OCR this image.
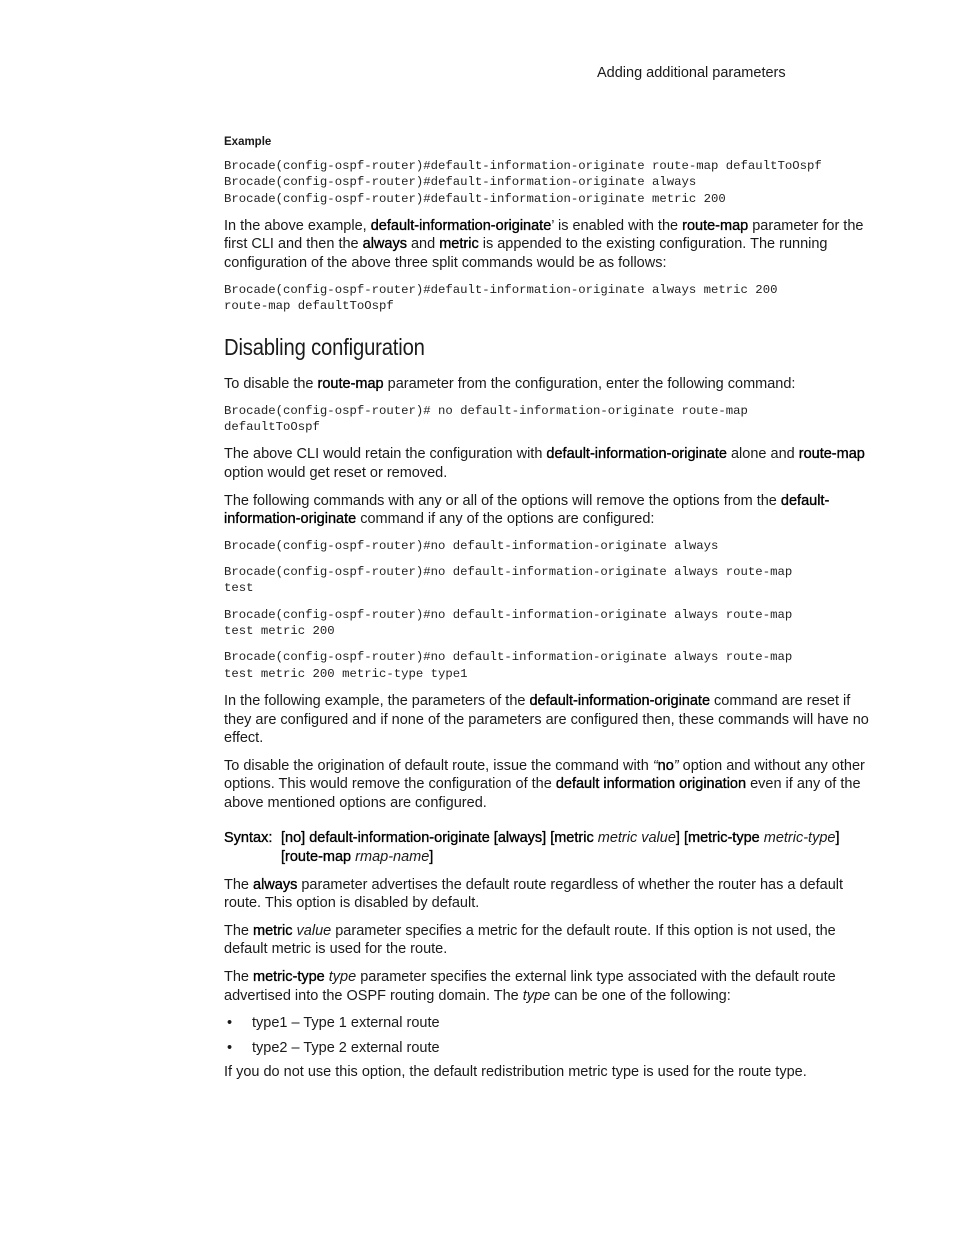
Adding additional parameters
Example
Brocade(config-ospf-router)#default-information-originate route-map defaultToOspf
Brocade(config-ospf-router)#default-information-originate always
Brocade(config-ospf-router)#default-information-originate metric 200

In the above example, default-information-originate’ is enabled with the route-map parameter for the first CLI and then the always and metric is appended to the existing configuration. The running configuration of the above three split commands would be as follows:

Brocade(config-ospf-router)#default-information-originate always metric 200
route-map defaultToOspf
Disabling configuration

To disable the route-map parameter from the configuration, enter the following command:

Brocade(config-ospf-router)# no default-information-originate route-map
defaultToOspf

The above CLI would retain the configuration with default-information-originate alone and route-map option would get reset or removed.

The following commands with any or all of the options will remove the options from the default-information-originate command if any of the options are configured:

Brocade(config-ospf-router)#no default-information-originate always
Brocade(config-ospf-router)#no default-information-originate always route-map
test
Brocade(config-ospf-router)#no default-information-originate always route-map
test metric 200
Brocade(config-ospf-router)#no default-information-originate always route-map
test metric 200 metric-type type1

In the following example, the parameters of the default-information-originate command are reset if they are configured and if none of the parameters are configured then, these commands will have no effect.

To disable the origination of default route, issue the command with “no” option and without any other options. This would remove the configuration of the default information origination even if any of the above mentioned options are configured.

Syntax: [no] default-information-originate [always] [metric metric value] [metric-type metric-type] [route-map rmap-name]

The always parameter advertises the default route regardless of whether the router has a default route. This option is disabled by default.

The metric value parameter specifies a metric for the default route. If this option is not used, the default metric is used for the route.

The metric-type type parameter specifies the external link type associated with the default route advertised into the OSPF routing domain. The type can be one of the following:

• type1 – Type 1 external route
• type2 – Type 2 external route

If you do not use this option, the default redistribution metric type is used for the route type.
